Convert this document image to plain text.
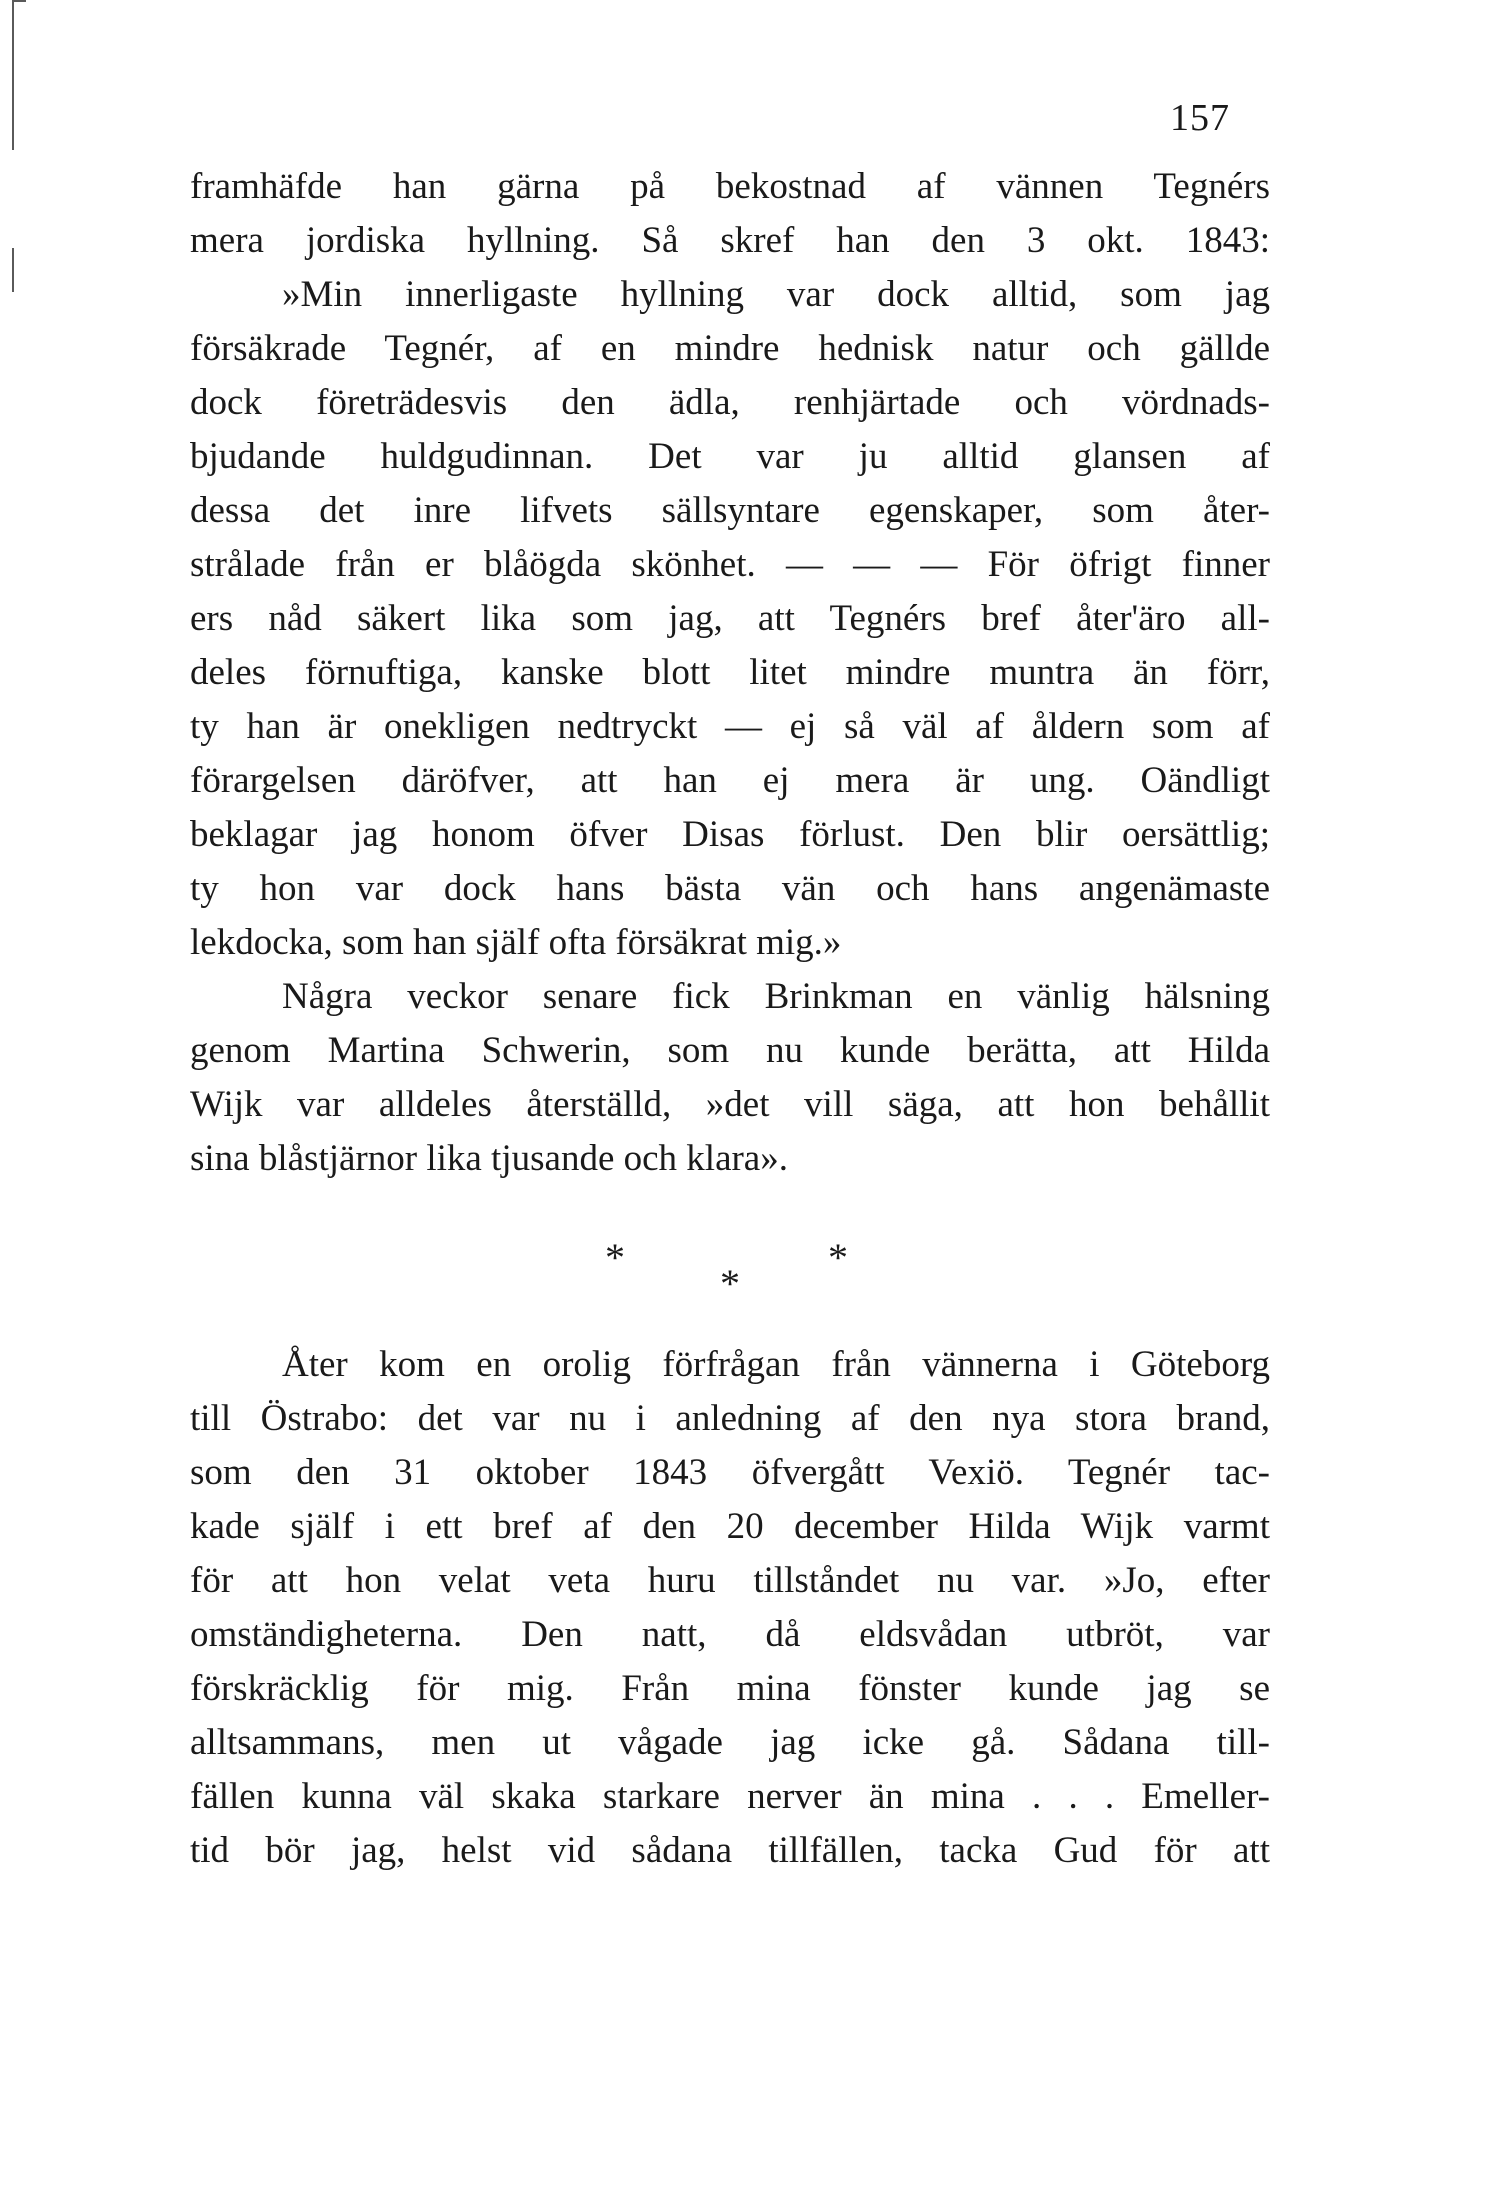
157
framhäfde han gärna på bekostnad af vännen Tegnérs
mera jordiska hyllning. Så skref han den 3 okt. 1843:
»Min innerligaste hyllning var dock alltid, som jag
försäkrade Tegnér, af en mindre hednisk natur och gällde
dock företrädesvis den ädla, renhjärtade och vördnads-
bjudande huldgudinnan. Det var ju alltid glansen af
dessa det inre lifvets sällsyntare egenskaper, som åter-
strålade från er blåögda skönhet. — — — För öfrigt finner
ers nåd säkert lika som jag, att Tegnérs bref åter'äro all-
deles förnuftiga, kanske blott litet mindre muntra än förr,
ty han är onekligen nedtryckt — ej så väl af åldern som af
förargelsen däröfver, att han ej mera är ung. Oändligt
beklagar jag honom öfver Disas förlust. Den blir oersättlig;
ty hon var dock hans bästa vän och hans angenämaste
lekdocka, som han själf ofta försäkrat mig.»
Några veckor senare fick Brinkman en vänlig hälsning
genom Martina Schwerin, som nu kunde berätta, att Hilda
Wijk var alldeles återställd, »det vill säga, att hon behållit
sina blåstjärnor lika tjusande och klara».
*
*
*
Åter kom en orolig förfrågan från vännerna i Göteborg
till Östrabo: det var nu i anledning af den nya stora brand,
som den 31 oktober 1843 öfvergått Vexiö. Tegnér tac-
kade själf i ett bref af den 20 december Hilda Wijk varmt
för att hon velat veta huru tillståndet nu var. »Jo, efter
omständigheterna. Den natt, då eldsvådan utbröt, var
förskräcklig för mig. Från mina fönster kunde jag se
alltsammans, men ut vågade jag icke gå. Sådana till-
fällen kunna väl skaka starkare nerver än mina . . . Emeller-
tid bör jag, helst vid sådana tillfällen, tacka Gud för att
